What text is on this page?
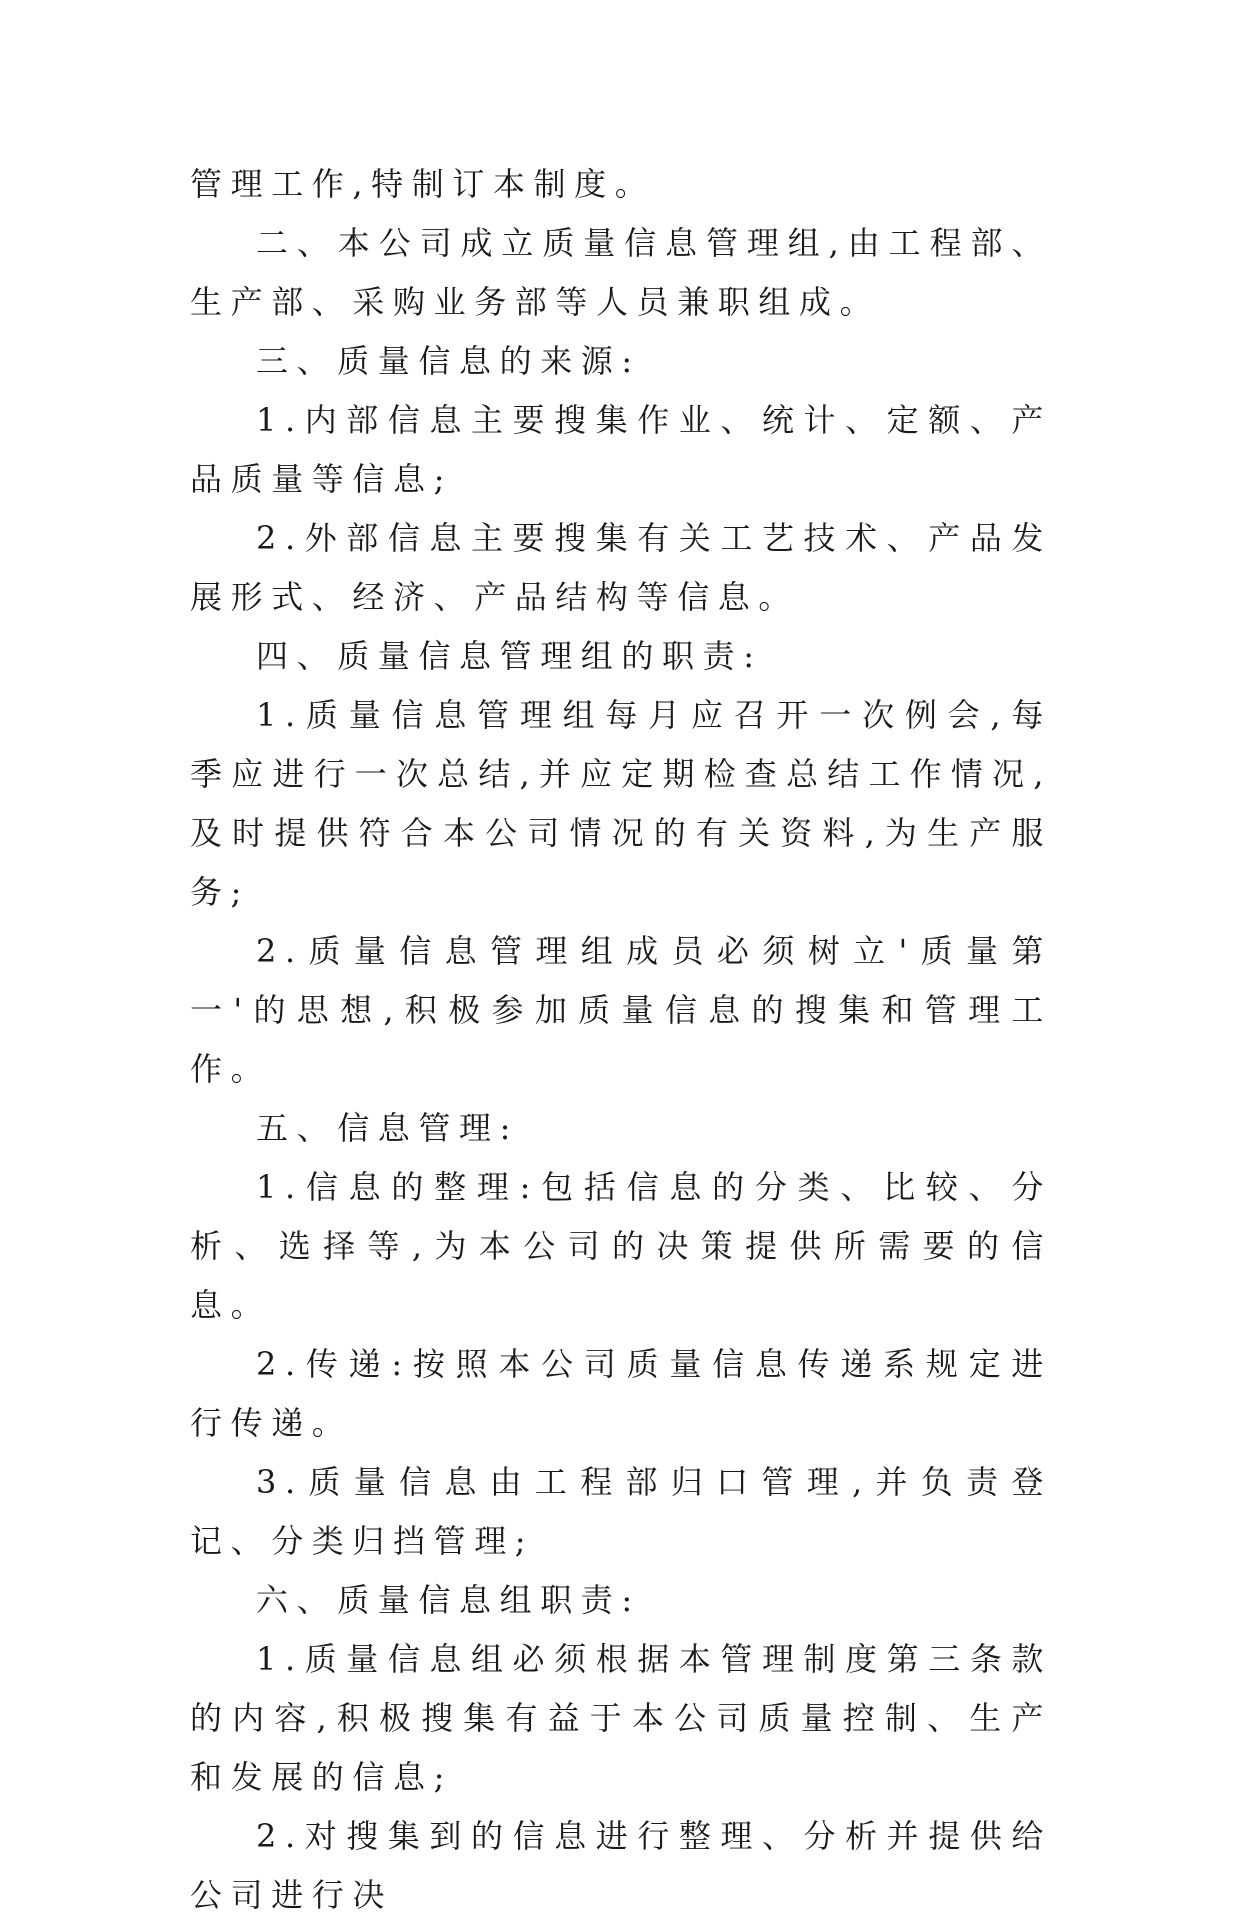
管理工作,特制订本制度。

二、本公司成立质量信息管理组,由工程部、生产部、采购业务部等人员兼职组成。

三、质量信息的来源:

1.内部信息主要搜集作业、统计、定额、产品质量等信息;

2.外部信息主要搜集有关工艺技术、产品发展形式、经济、产品结构等信息。

四、质量信息管理组的职责:

1.质量信息管理组每月应召开一次例会,每季应进行一次总结,并应定期检查总结工作情况,及时提供符合本公司情况的有关资料,为生产服务;

2.质量信息管理组成员必须树立'质量第一'的思想,积极参加质量信息的搜集和管理工作。

五、信息管理:

1.信息的整理:包括信息的分类、比较、分析、选择等,为本公司的决策提供所需要的信息。

2.传递:按照本公司质量信息传递系规定进行传递。

3.质量信息由工程部归口管理,并负责登记、分类归挡管理;

六、质量信息组职责:

1.质量信息组必须根据本管理制度第三条款的内容,积极搜集有益于本公司质量控制、生产和发展的信息;

2.对搜集到的信息进行整理、分析并提供给公司进行决
